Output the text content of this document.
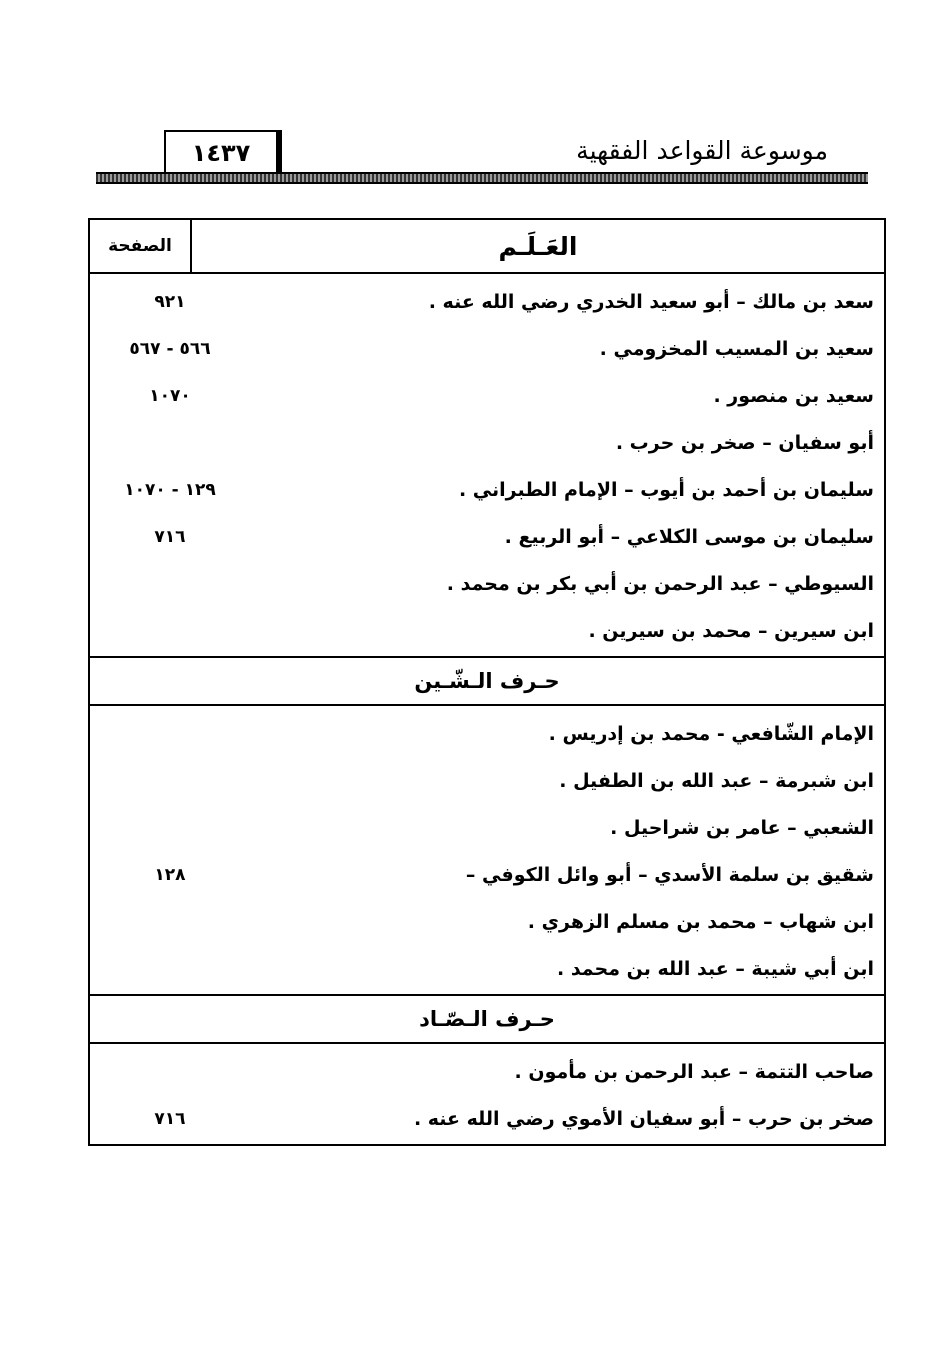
موسوعة القواعد الفقهية
١٤٣٧
العَـلَـم
الصفحة
سعد بن مالك – أبو سعيد الخدري رضي الله عنه .
٩٢١
سعيد بن المسيب المخزومي .
٥٦٦ - ٥٦٧
سعيد بن منصور .
١٠٧٠
أبو سفيان – صخر بن حرب .
سليمان بن أحمد بن أيوب – الإمام الطبراني .
١٢٩ - ١٠٧٠
سليمان بن موسى الكلاعي – أبو الربيع .
٧١٦
السيوطي – عبد الرحمن بن أبي بكر بن محمد .
ابن سيرين – محمد بن سيرين .
حـرف الـشّـين
الإمام الشّافعي - محمد بن إدريس .
ابن شبرمة – عبد الله بن الطفيل .
الشعبي – عامر بن شراحيل .
شقيق بن سلمة الأسدي – أبو وائل الكوفي –
١٢٨
ابن شهاب – محمد بن مسلم الزهري .
ابن أبي شيبة – عبد الله بن محمد .
حـرف الـصّـاد
صاحب التتمة – عبد الرحمن بن مأمون .
صخر بن حرب – أبو سفيان الأموي رضي الله عنه .
٧١٦
